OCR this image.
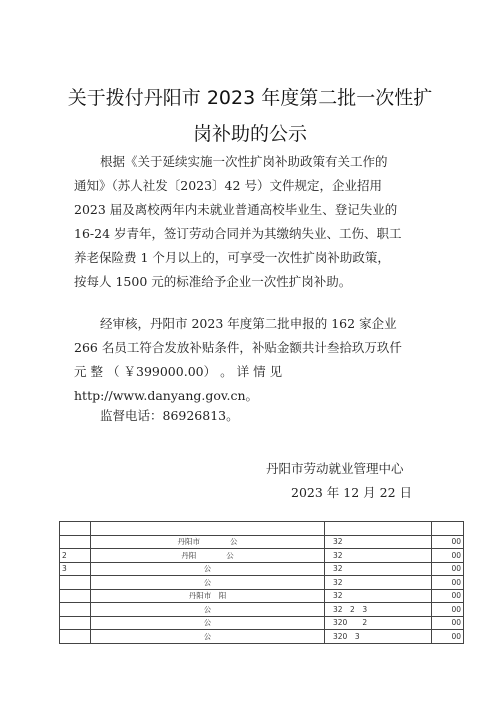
关于拨付丹阳市 2023 年度第二批一次性扩
岗补助的公示
根据《关于延续实施一次性扩岗补助政策有关工作的
通知》（苏人社发〔2023〕42 号）文件规定，企业招用
2023 届及离校两年内未就业普通高校毕业生、登记失业的
16-24 岁青年，签订劳动合同并为其缴纳失业、工伤、职工
养老保险费 1 个月以上的，可享受一次性扩岗补助政策，
按每人 1500 元的标准给予企业一次性扩岗补助。
经审核，丹阳市 2023 年度第二批申报的 162 家企业
266 名员工符合发放补贴条件，补贴金额共计叁拾玖万玖仟
元 整 （ ￥399000.00） 。 详 情 见
http://www.danyang.gov.cn。
监督电话：86926813。
丹阳市劳动就业管理中心
2023 年 12 月 22 日

	丹阳市　　　　公	32	00
2	丹阳　　　　公	32	00
3	公	32	00
	公	32	00
	丹阳市　阳	32	00
	公	32　2　3	00
	公	320　　2	00
	公	320　3	00
